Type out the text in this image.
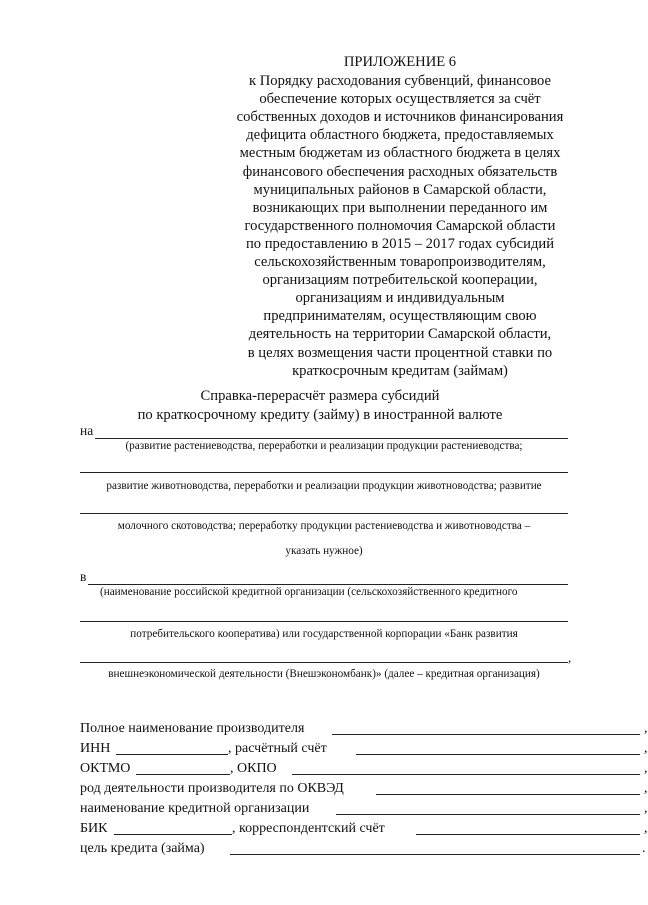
ПРИЛОЖЕНИЕ 6
к Порядку расходования субвенций, финансовое
обеспечение которых осуществляется за счёт
собственных доходов и источников финансирования
дефицита областного бюджета, предоставляемых
местным бюджетам из областного бюджета в целях
финансового обеспечения расходных обязательств
муниципальных районов в Самарской области,
возникающих при выполнении переданного им
государственного полномочия Самарской области
по предоставлению в 2015 – 2017 годах субсидий
сельскохозяйственным товаропроизводителям,
организациям потребительской кооперации,
организациям и индивидуальным
предпринимателям, осуществляющим свою
деятельность на территории Самарской области,
в целях возмещения части процентной ставки по
краткосрочным кредитам (займам)
Справка-перерасчёт размера субсидий
по краткосрочному кредиту (займу) в иностранной валюте
на
(развитие растениеводства, переработки и реализации продукции растениеводства;
развитие животноводства, переработки и реализации продукции животноводства; развитие
молочного скотоводства; переработку продукции растениеводства и животноводства –
указать нужное)
в
(наименование российской кредитной организации (сельскохозяйственного кредитного
потребительского кооператива) или государственной корпорации «Банк развития
,
внешнеэкономической деятельности (Внешэкономбанк)» (далее – кредитная организация)
Полное наименование производителя	,
ИНН	, расчётный счёт	,
ОКТМО	, ОКПО	,
род деятельности производителя по ОКВЭД	,
наименование кредитной организации	,
БИК	, корреспондентский счёт	,
цель кредита (займа)	.
